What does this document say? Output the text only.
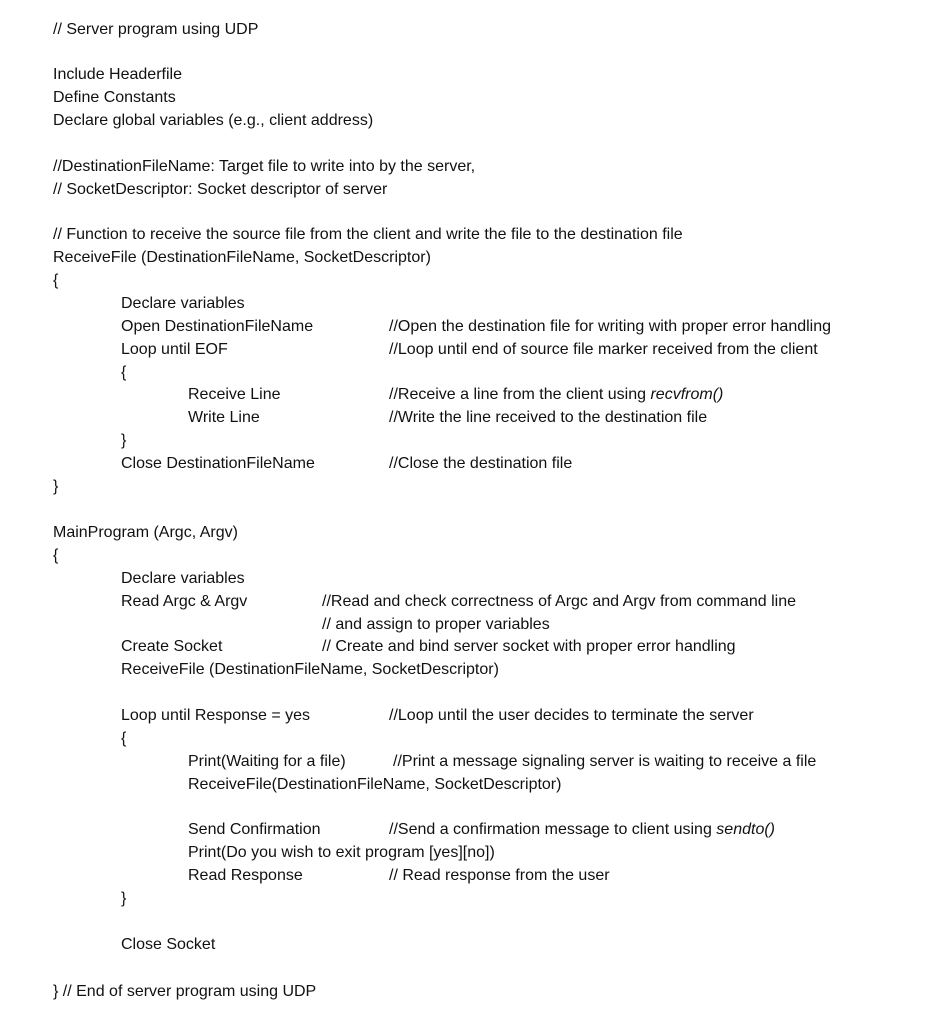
// Server program using UDP
Include Headerfile
Define Constants
Declare global variables (e.g., client address)
//DestinationFileName: Target file to write into by the server,
// SocketDescriptor: Socket descriptor of server
// Function to receive the source file from the client and write the file to the destination file
ReceiveFile (DestinationFileName, SocketDescriptor)
{
Declare variables
Open DestinationFileName	//Open the destination file for writing with proper error handling
Loop until EOF	//Loop until end of source file marker received from the client
{
Receive Line	//Receive a line from the client using recvfrom()
Write Line	//Write the line received to the destination file
}
Close DestinationFileName	//Close the destination file
}
MainProgram (Argc, Argv)
{
Declare variables
Read Argc & Argv	//Read and check correctness of Argc and Argv from command line
// and assign to proper variables
Create Socket	// Create and bind server socket with proper error handling
ReceiveFile (DestinationFileName, SocketDescriptor)
Loop until Response = yes	//Loop until the user decides to terminate the server
{
Print(Waiting for a file)	//Print a message signaling server is waiting to receive a file
ReceiveFile(DestinationFileName, SocketDescriptor)
Send Confirmation	//Send a confirmation message to client using sendto()
Print(Do you wish to exit program [yes][no])
Read Response	// Read response from the user
}
Close Socket
} // End of server program using UDP
